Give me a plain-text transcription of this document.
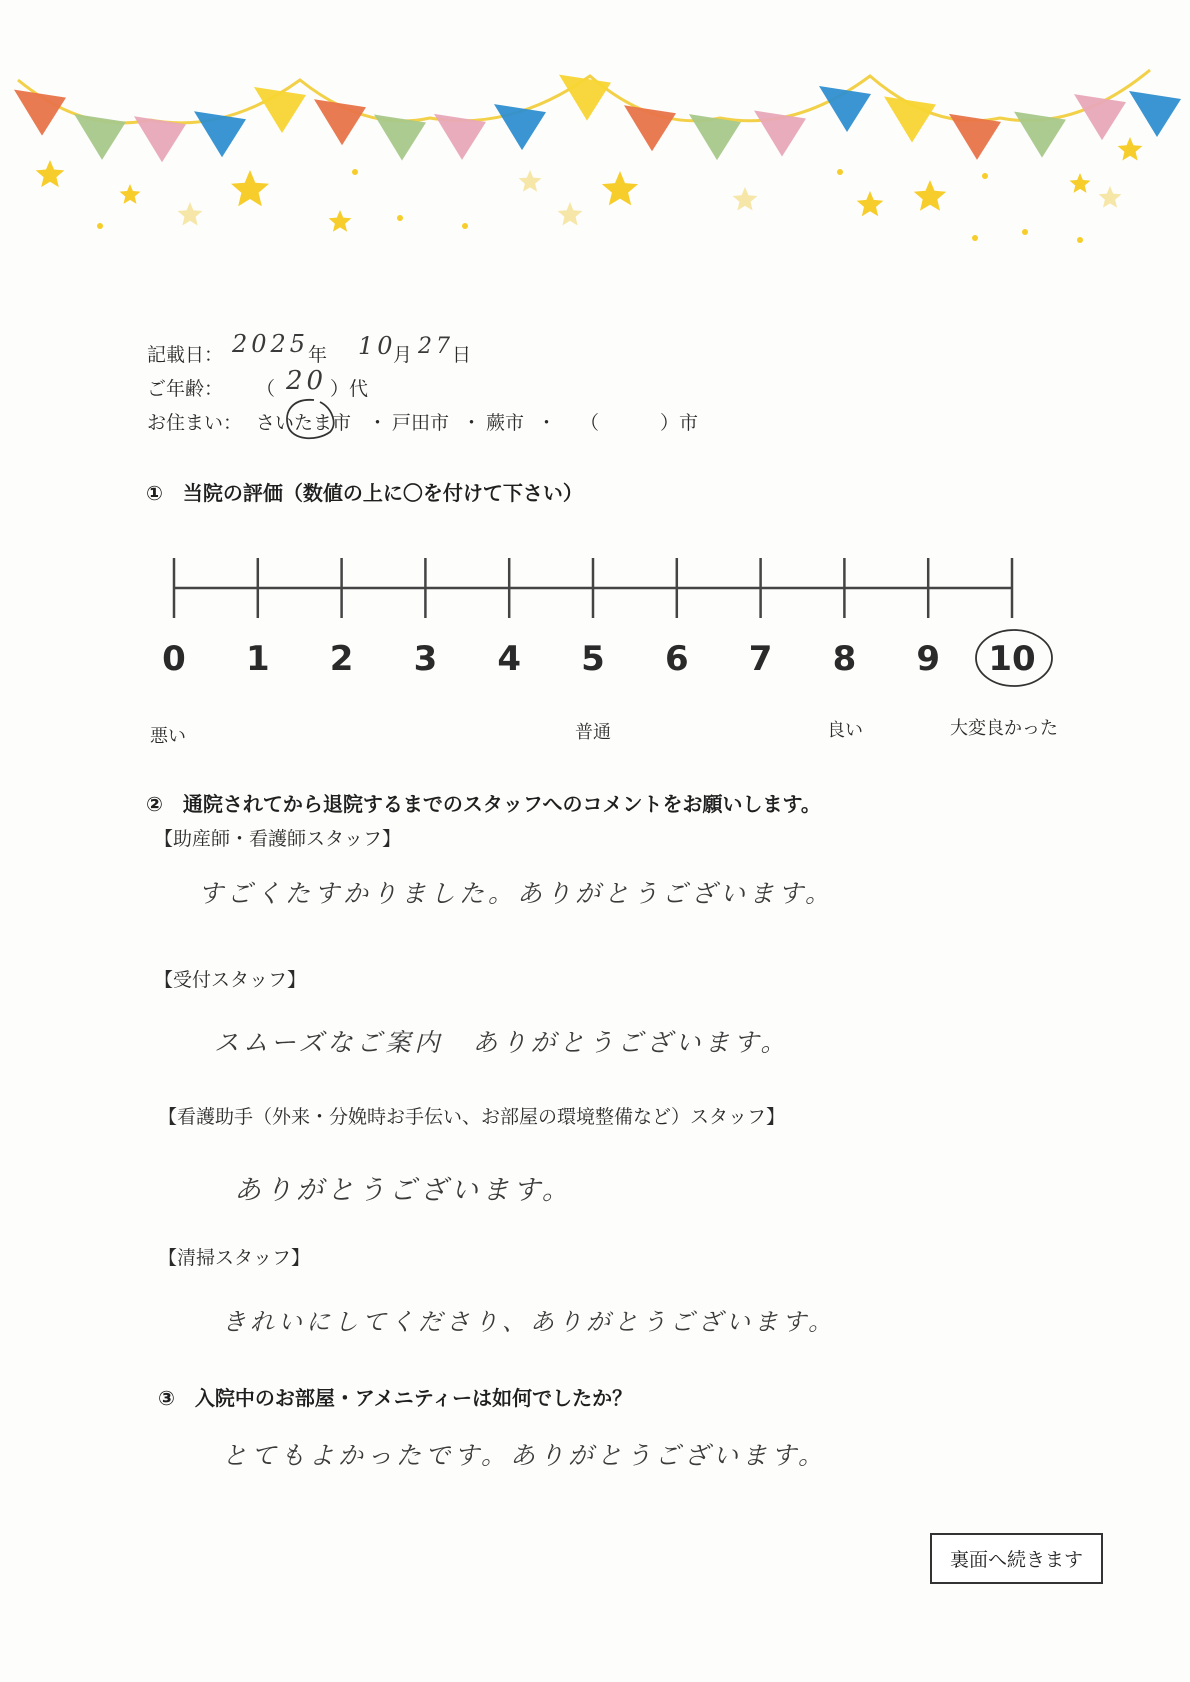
記載日： 2025
年 10
月 27
日
ご年齢： （ 20 ）代
お住まい： さいたま市 ・ 戸田市 ・ 蕨市 ・ （	）市
①　当院の評価（数値の上に〇を付けて下さい）
0 1 2 3 4 5 6 7 8 9 10
悪い	普通	良い	大変良かった
②　通院されてから退院するまでのスタッフへのコメントをお願いします。
【助産師・看護師スタッフ】
すごくたすかりました。ありがとうございます。
【受付スタッフ】
スムーズなご案内　ありがとうございます。
【看護助手（外来・分娩時お手伝い、お部屋の環境整備など）スタッフ】
ありがとうございます。
【清掃スタッフ】
きれいにしてくださり、ありがとうございます。
③　入院中のお部屋・アメニティーは如何でしたか？
とてもよかったです。ありがとうございます。
裏面へ続きます
